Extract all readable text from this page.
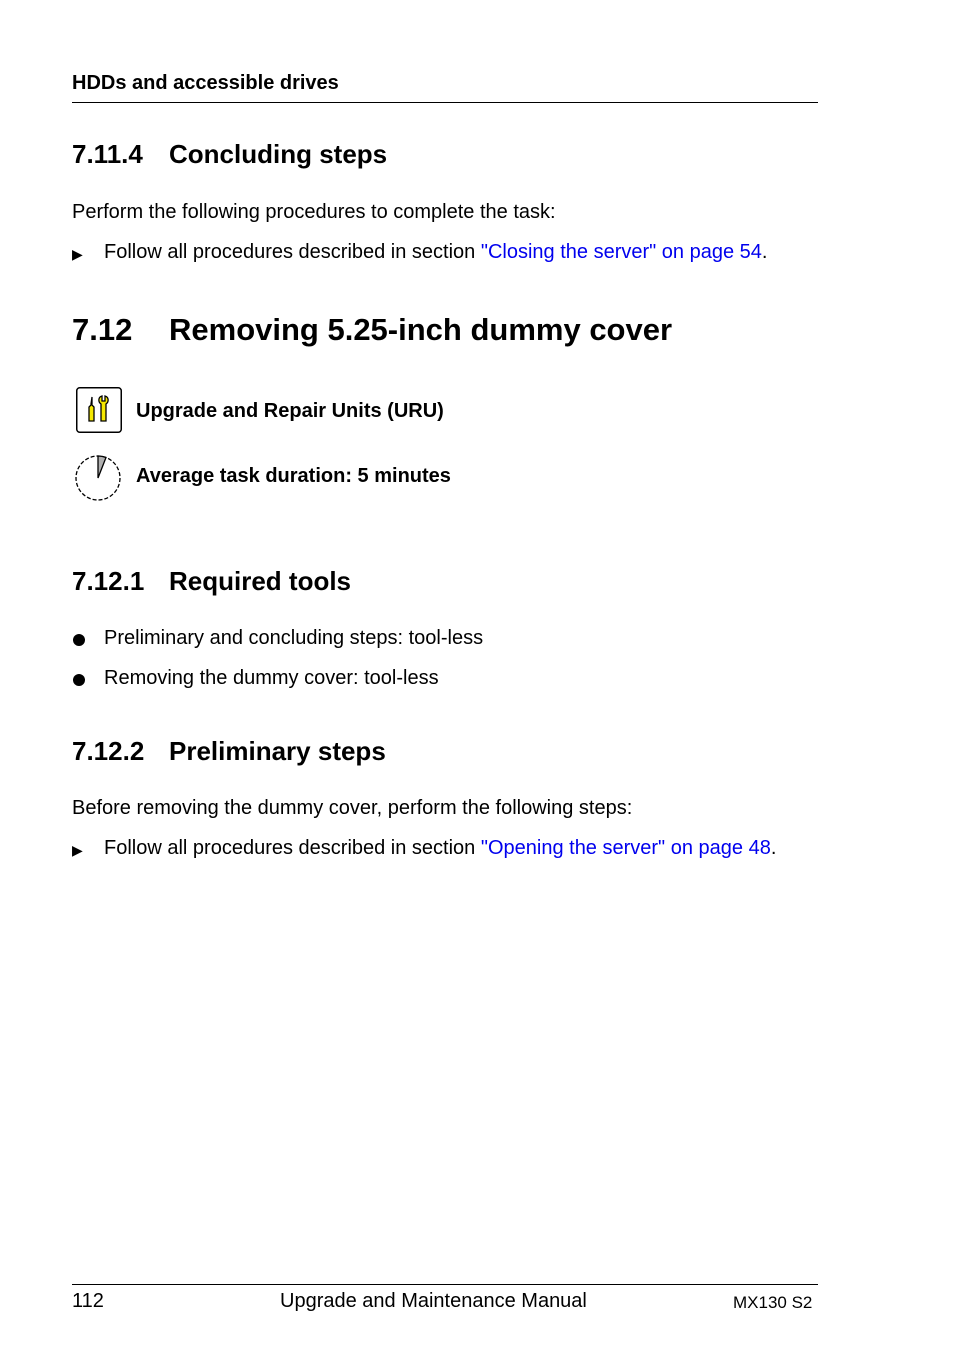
HDDs and accessible drives
7.11.4 Concluding steps
Perform the following procedures to complete the task:
▶	Follow all procedures described in section "Closing the server" on page 54.
7.12 Removing 5.25-inch dummy cover
Upgrade and Repair Units (URU)
Average task duration: 5 minutes
7.12.1 Required tools
Preliminary and concluding steps: tool-less
Removing the dummy cover: tool-less
7.12.2 Preliminary steps
Before removing the dummy cover, perform the following steps:
▶	Follow all procedures described in section "Opening the server" on page 48.
112	Upgrade and Maintenance Manual	MX130 S2
